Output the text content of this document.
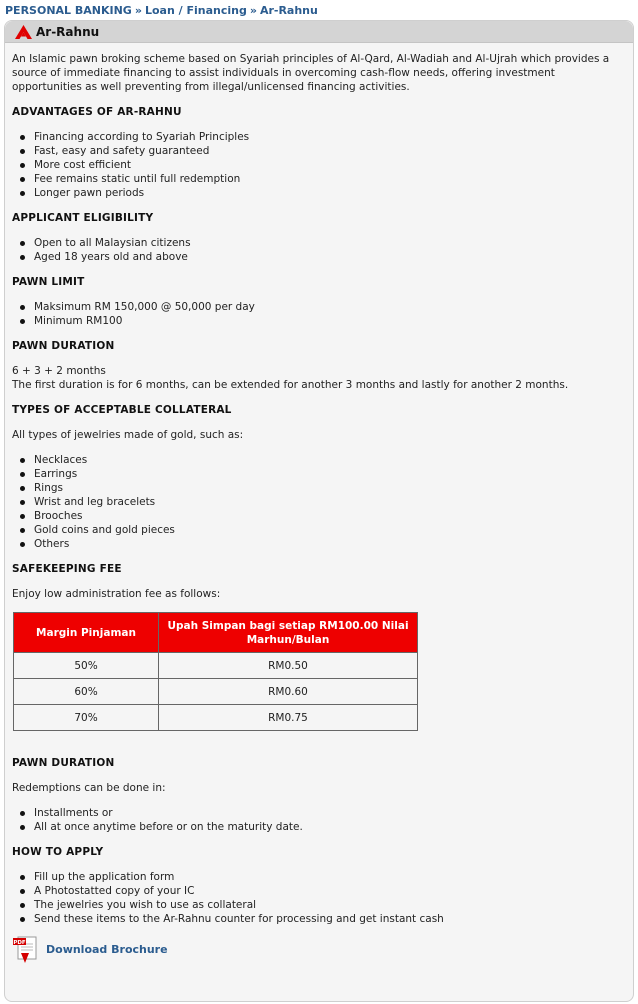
PERSONAL BANKING » Loan / Financing » Ar-Rahnu
Ar-Rahnu

An Islamic pawn broking scheme based on Syariah principles of Al-Qard, Al-Wadiah and Al-Ujrah which provides a source of immediate financing to assist individuals in overcoming cash-flow needs, offering investment opportunities as well preventing from illegal/unlicensed financing activities.

ADVANTAGES OF AR-RAHNU
Financing according to Syariah Principles
Fast, easy and safety guaranteed
More cost efficient
Fee remains static until full redemption
Longer pawn periods
APPLICANT ELIGIBILITY
Open to all Malaysian citizens
Aged 18 years old and above
PAWN LIMIT
Maksimum RM 150,000 @ 50,000 per day
Minimum RM100
PAWN DURATION

6 + 3 + 2 months

The first duration is for 6 months, can be extended for another 3 months and lastly for another 2 months.

TYPES OF ACCEPTABLE COLLATERAL

All types of jewelries made of gold, such as:

Necklaces
Earrings
Rings
Wrist and leg bracelets
Brooches
Gold coins and gold pieces
Others
SAFEKEEPING FEE

Enjoy low administration fee as follows:

Margin Pinjaman	Upah Simpan bagi setiap RM100.00 Nilai Marhun/Bulan
50%	RM0.50
60%	RM0.60
70%	RM0.75
PAWN DURATION

Redemptions can be done in:

Installments or
All at once anytime before or on the maturity date.
HOW TO APPLY
Fill up the application form
A Photostatted copy of your IC
The jewelries you wish to use as collateral
Send these items to the Ar-Rahnu counter for processing and get instant cash
PDF Download Brochure
